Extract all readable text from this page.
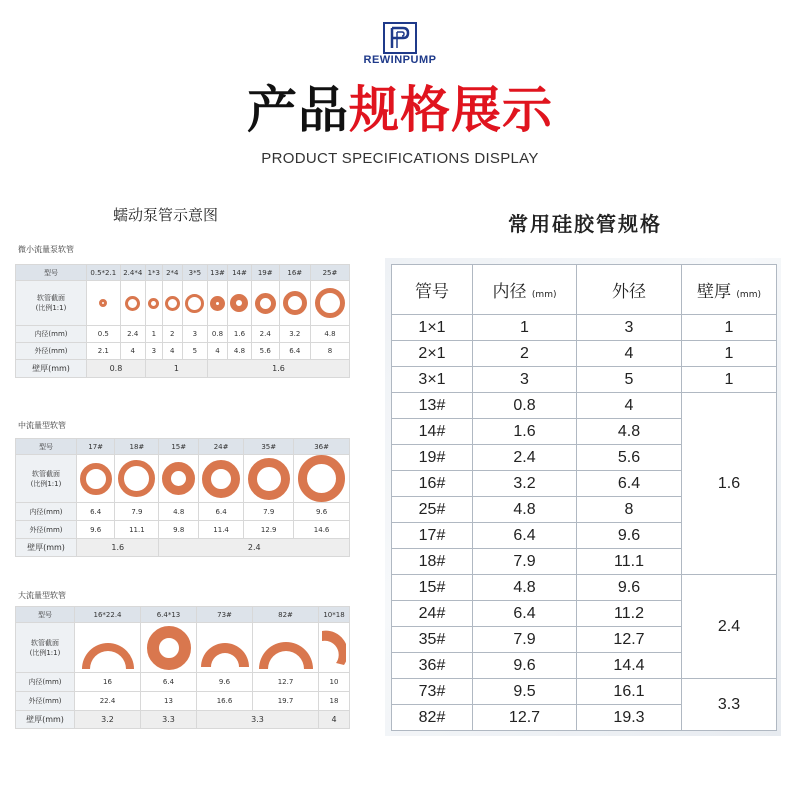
REWINPUMP
产品规格展示
PRODUCT SPECIFICATIONS DISPLAY
蠕动泵管示意图
微小流量泵软管
型号	0.5*2.1	2.4*4	1*3	2*4	3*5	13#	14#	19#	16#	25#

软管截面
(比例1:1)										

内径(mm)	0.5	2.4	1	2	3	0.8	1.6	2.4	3.2	4.8
外径(mm)	2.1	4	3	4	5	4	4.8	5.6	6.4	8
壁厚(mm)	0.8		1			1.6				
中流量型软管
型号	17#	18#	15#	24#	35#	36#

软管截面
(比例1:1)						

内径(mm)	6.4	7.9	4.8	6.4	7.9	9.6
外径(mm)	9.6	11.1	9.8	11.4	12.9	14.6
壁厚(mm)	1.6		2.4			
大流量型软管
型号	16*22.4	6.4*13	73#	82#	10*18

软管截面
(比例1:1)

内径(mm)	16	6.4	9.6	12.7	10
外径(mm)	22.4	13	16.6	19.7	18
壁厚(mm)	3.2	3.3	3.3		4
常用硅胶管规格
管号	内径 (mm)	外径	壁厚 (mm)
1×1	1	3	1
2×1	2	4	1
3×1	3	5	1
13#	0.8	4	1.6
14#	1.6	4.8	
19#	2.4	5.6	
16#	3.2	6.4	
25#	4.8	8	
17#	6.4	9.6	
18#	7.9	11.1	
15#	4.8	9.6	2.4
24#	6.4	11.2	
35#	7.9	12.7	
36#	9.6	14.4	
73#	9.5	16.1	3.3
82#	12.7	19.3	
